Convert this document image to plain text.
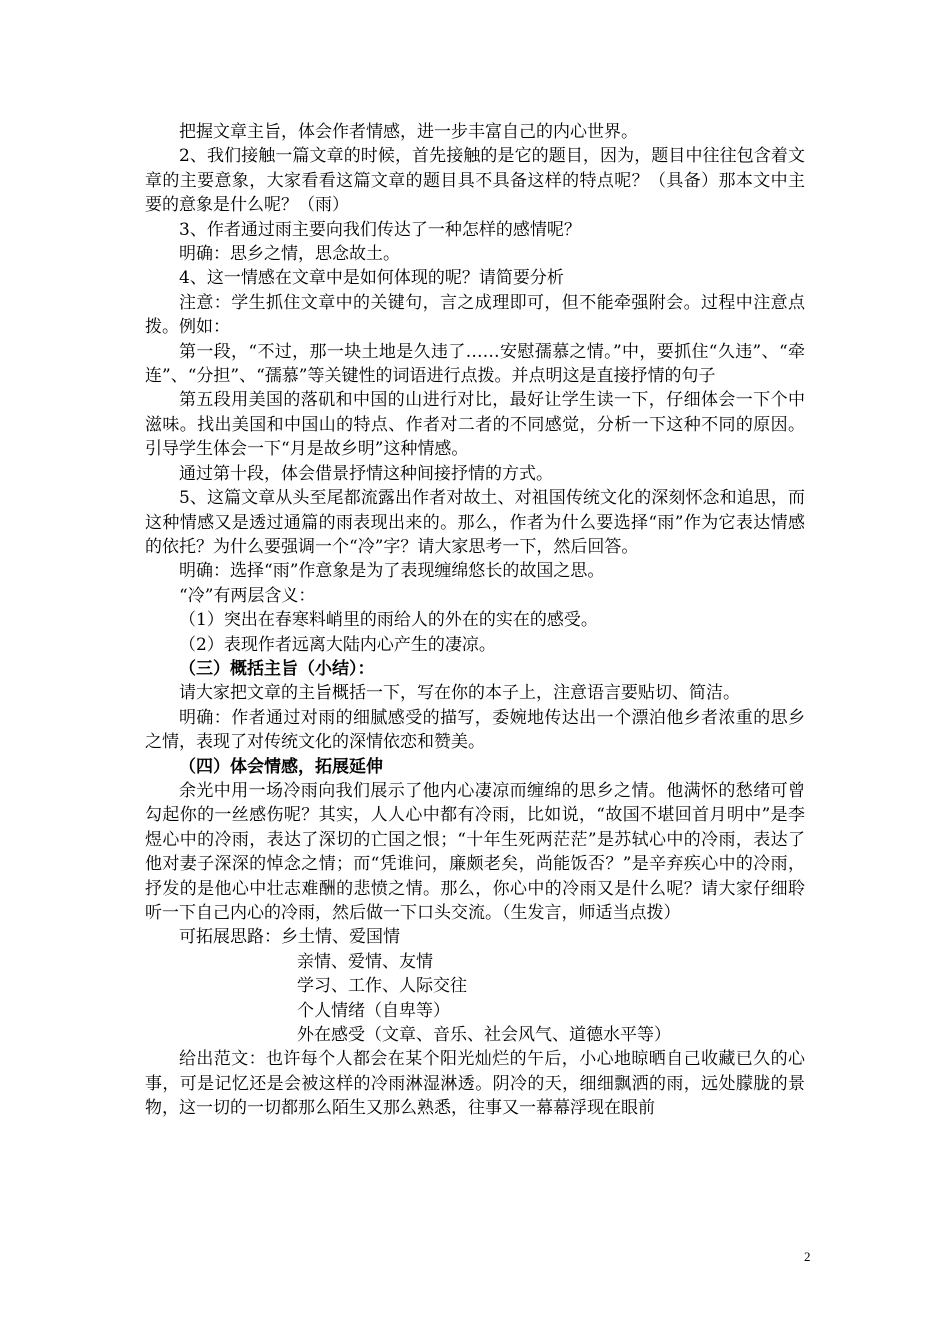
把握文章主旨，体会作者情感，进一步丰富自己的内心世界。

2、我们接触一篇文章的时候，首先接触的是它的题目，因为，题目中往往包含着文章的主要意象，大家看看这篇文章的题目具不具备这样的特点呢？（具备）那本文中主要的意象是什么呢？（雨）

3、作者通过雨主要向我们传达了一种怎样的感情呢？

明确：思乡之情，思念故土。

4、这一情感在文章中是如何体现的呢？请简要分析

注意：学生抓住文章中的关键句，言之成理即可，但不能牵强附会。过程中注意点拨。例如：

第一段，“不过，那一块土地是久违了……安慰孺慕之情。”中，要抓住“久违”、“牵连”、“分担”、“孺慕”等关键性的词语进行点拨。并点明这是直接抒情的句子

第五段用美国的落矶和中国的山进行对比，最好让学生读一下，仔细体会一下个中滋味。找出美国和中国山的特点、作者对二者的不同感觉，分析一下这种不同的原因。引导学生体会一下“月是故乡明”这种情感。

通过第十段，体会借景抒情这种间接抒情的方式。

5、这篇文章从头至尾都流露出作者对故土、对祖国传统文化的深刻怀念和追思，而这种情感又是透过通篇的雨表现出来的。那么，作者为什么要选择“雨”作为它表达情感的依托？为什么要强调一个“冷”字？请大家思考一下，然后回答。

明确：选择“雨”作意象是为了表现缠绵悠长的故国之思。

“冷”有两层含义：

（1）突出在春寒料峭里的雨给人的外在的实在的感受。

（2）表现作者远离大陆内心产生的凄凉。

（三）概括主旨（小结）：

请大家把文章的主旨概括一下，写在你的本子上，注意语言要贴切、简洁。

明确：作者通过对雨的细腻感受的描写，委婉地传达出一个漂泊他乡者浓重的思乡之情，表现了对传统文化的深情依恋和赞美。

（四）体会情感，拓展延伸

余光中用一场冷雨向我们展示了他内心凄凉而缠绵的思乡之情。他满怀的愁绪可曾勾起你的一丝感伤呢？其实，人人心中都有冷雨，比如说，“故国不堪回首月明中”是李煜心中的冷雨，表达了深切的亡国之恨；“十年生死两茫茫”是苏轼心中的冷雨，表达了他对妻子深深的悼念之情；而“凭谁问，廉颇老矣，尚能饭否？”是辛弃疾心中的冷雨，抒发的是他心中壮志难酬的悲愤之情。那么，你心中的冷雨又是什么呢？请大家仔细聆听一下自己内心的冷雨，然后做一下口头交流。（生发言，师适当点拨）

可拓展思路：乡土情、爱国情

亲情、爱情、友情

学习、工作、人际交往

个人情绪（自卑等）

外在感受（文章、音乐、社会风气、道德水平等）

给出范文：也许每个人都会在某个阳光灿烂的午后，小心地晾晒自己收藏已久的心事，可是记忆还是会被这样的冷雨淋湿淋透。阴冷的天，细细飘洒的雨，远处朦胧的景物，这一切的一切都那么陌生又那么熟悉，往事又一幕幕浮现在眼前

2
